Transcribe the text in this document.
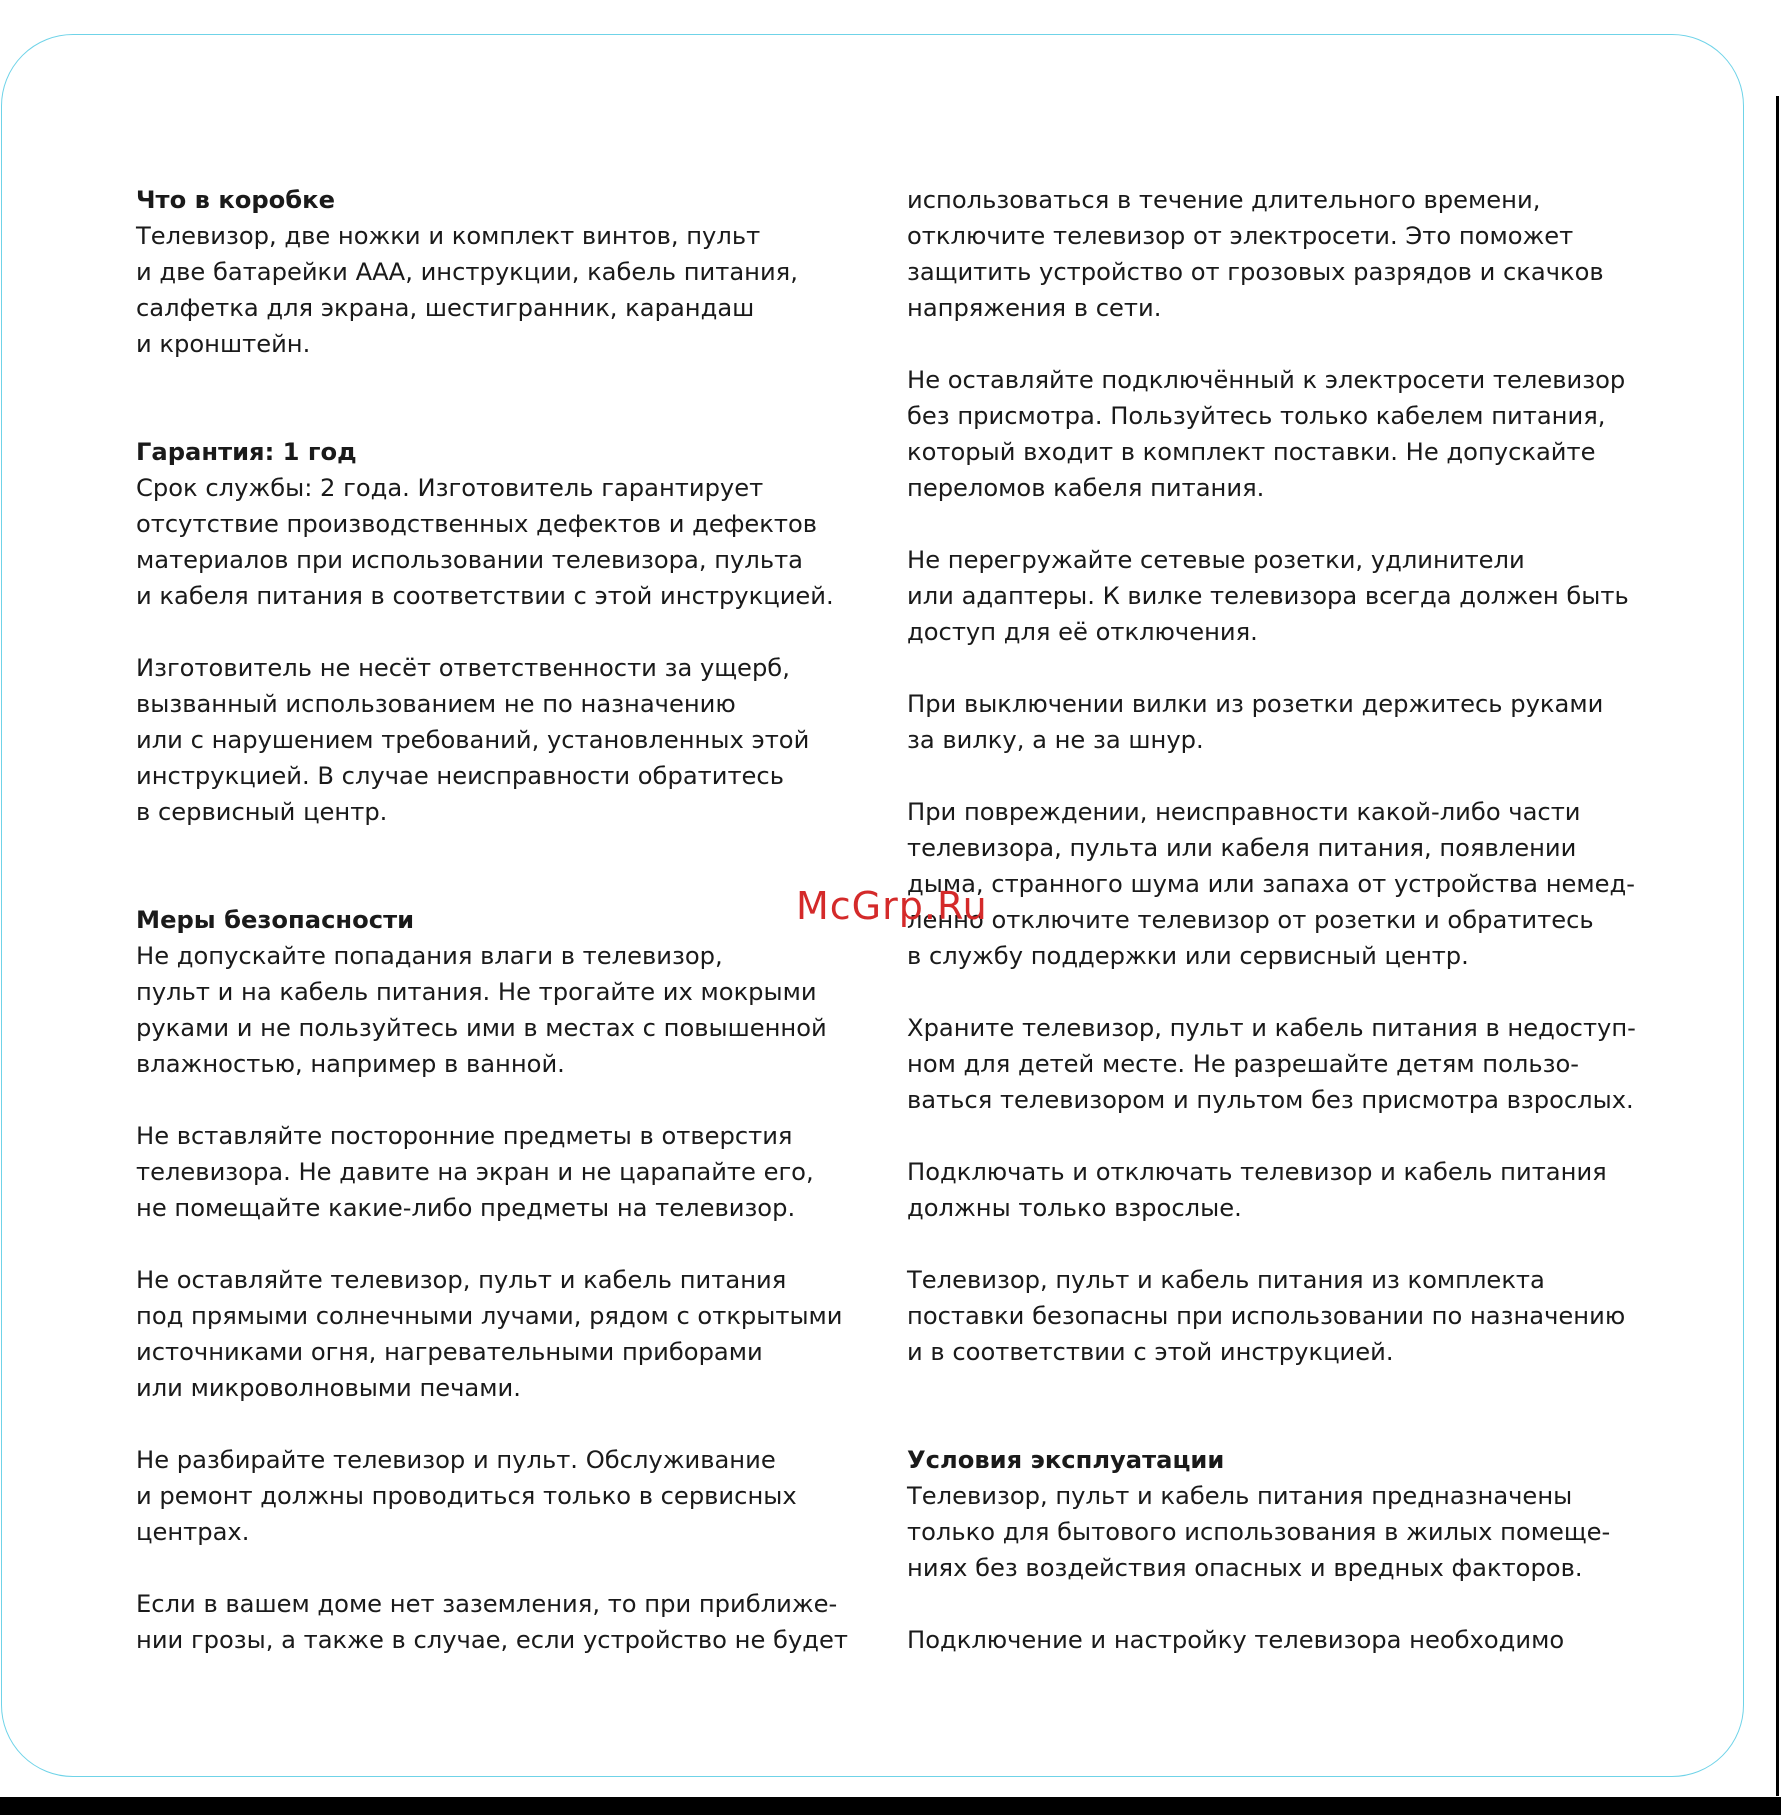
Что в коробке
Телевизор, две ножки и комплект винтов, пульт
и две батарейки ААА, инструкции, кабель питания,
салфетка для экрана, шестигранник, карандаш
и кронштейн.
Гарантия: 1 год
Срок службы: 2 года. Изготовитель гарантирует
отсутствие производственных дефектов и дефектов
материалов при использовании телевизора, пульта
и кабеля питания в соответствии с этой инструкцией.
Изготовитель не несёт ответственности за ущерб,
вызванный использованием не по назначению
или с нарушением требований, установленных этой
инструкцией. В случае неисправности обратитесь
в сервисный центр.
Меры безопасности
Не допускайте попадания влаги в телевизор,
пульт и на кабель питания. Не трогайте их мокрыми
руками и не пользуйтесь ими в местах с повышенной
влажностью, например в ванной.
Не вставляйте посторонние предметы в отверстия
телевизора. Не давите на экран и не царапайте его,
не помещайте какие-либо предметы на телевизор.
Не оставляйте телевизор, пульт и кабель питания
под прямыми солнечными лучами, рядом с открытыми
источниками огня, нагревательными приборами
или микроволновыми печами.
Не разбирайте телевизор и пульт. Обслуживание
и ремонт должны проводиться только в сервисных
центрах.
Если в вашем доме нет заземления, то при приближе-
нии грозы, а также в случае, если устройство не будет
использоваться в течение длительного времени,
отключите телевизор от электросети. Это поможет
защитить устройство от грозовых разрядов и скачков
напряжения в сети.
Не оставляйте подключённый к электросети телевизор
без присмотра. Пользуйтесь только кабелем питания,
который входит в комплект поставки. Не допускайте
переломов кабеля питания.
Не перегружайте сетевые розетки, удлинители
или адаптеры. К вилке телевизора всегда должен быть
доступ для её отключения.
При выключении вилки из розетки держитесь руками
за вилку, а не за шнур.
При повреждении, неисправности какой-либо части
телевизора, пульта или кабеля питания, появлении
дыма, странного шума или запаха от устройства немед-
ленно отключите телевизор от розетки и обратитесь
в службу поддержки или сервисный центр.
Храните телевизор, пульт и кабель питания в недоступ-
ном для детей месте. Не разрешайте детям пользо-
ваться телевизором и пультом без присмотра взрослых.
Подключать и отключать телевизор и кабель питания
должны только взрослые.
Телевизор, пульт и кабель питания из комплекта
поставки безопасны при использовании по назначению
и в соответствии с этой инструкцией.
Условия эксплуатации
Телевизор, пульт и кабель питания предназначены
только для бытового использования в жилых помеще-
ниях без воздействия опасных и вредных факторов.
Подключение и настройку телевизора необходимо
McGrp.Ru
